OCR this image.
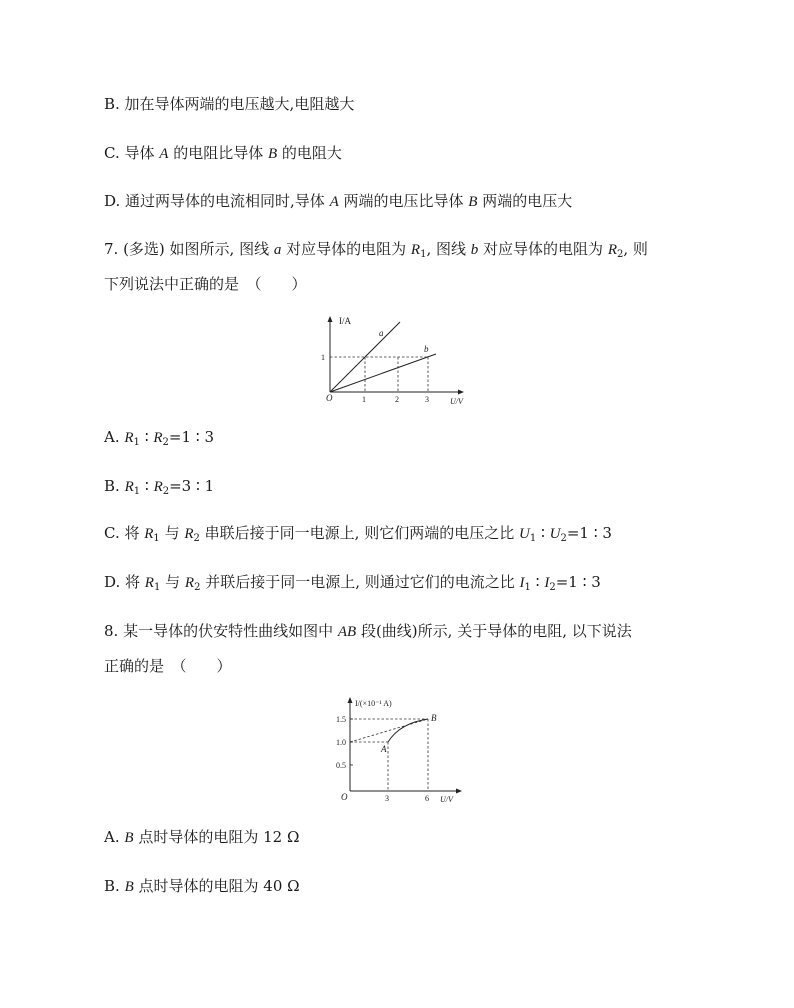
B. 加在导体两端的电压越大,电阻越大
C. 导体 A 的电阻比导体 B 的电阻大
D. 通过两导体的电流相同时,导体 A 两端的电压比导体 B 两端的电压大
7. (多选) 如图所示, 图线 a 对应导体的电阻为 $R_1$, 图线 b 对应导体的电阻为 $R_2$, 则
下列说法中正确的是　（　　）
I/A
U/V
O	1	2	3
1
a
b
A. $R_1$ ∶ $R_2=1$ ∶ 3
B. $R_1$ ∶ $R_2=3$ ∶ 1
C. 将 $R_1$ 与 $R_2$ 串联后接于同一电源上, 则它们两端的电压之比 $U_1$ ∶ $U_2=1$ ∶ 3
D. 将 $R_1$ 与 $R_2$ 并联后接于同一电源上, 则通过它们的电流之比 $I_1$ ∶ $I_2=1$ ∶ 3
8. 某一导体的伏安特性曲线如图中 AB 段(曲线)所示, 关于导体的电阻, 以下说法
正确的是　（　　）
I/(×10⁻¹ A)
U/V
O	3	6
1.5
1.0
0.5
A
B
A. B 点时导体的电阻为 12 Ω
B. B 点时导体的电阻为 40 Ω
